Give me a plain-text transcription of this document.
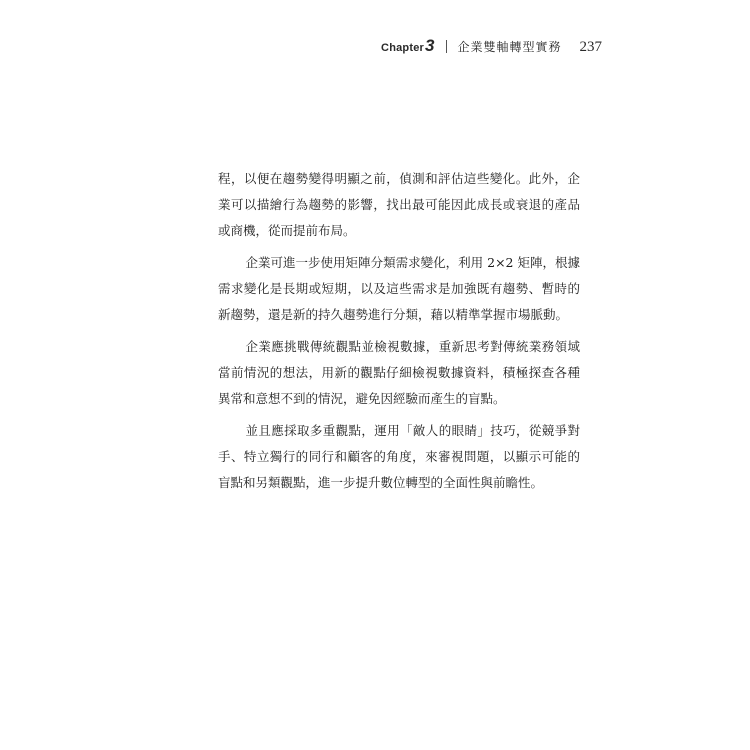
Chapter 3 企業雙軸轉型實務 237

程，以便在趨勢變得明顯之前，偵測和評估這些變化。此外，企業可以描繪行為趨勢的影響，找出最可能因此成長或衰退的產品或商機，從而提前布局。

企業可進一步使用矩陣分類需求變化，利用 2×2 矩陣，根據需求變化是長期或短期，以及這些需求是加強既有趨勢、暫時的新趨勢，還是新的持久趨勢進行分類，藉以精準掌握市場脈動。

企業應挑戰傳統觀點並檢視數據，重新思考對傳統業務領域當前情況的想法，用新的觀點仔細檢視數據資料，積極探查各種異常和意想不到的情況，避免因經驗而產生的盲點。

並且應採取多重觀點，運用「敵人的眼睛」技巧，從競爭對手、特立獨行的同行和顧客的角度，來審視問題，以顯示可能的盲點和另類觀點，進一步提升數位轉型的全面性與前瞻性。
